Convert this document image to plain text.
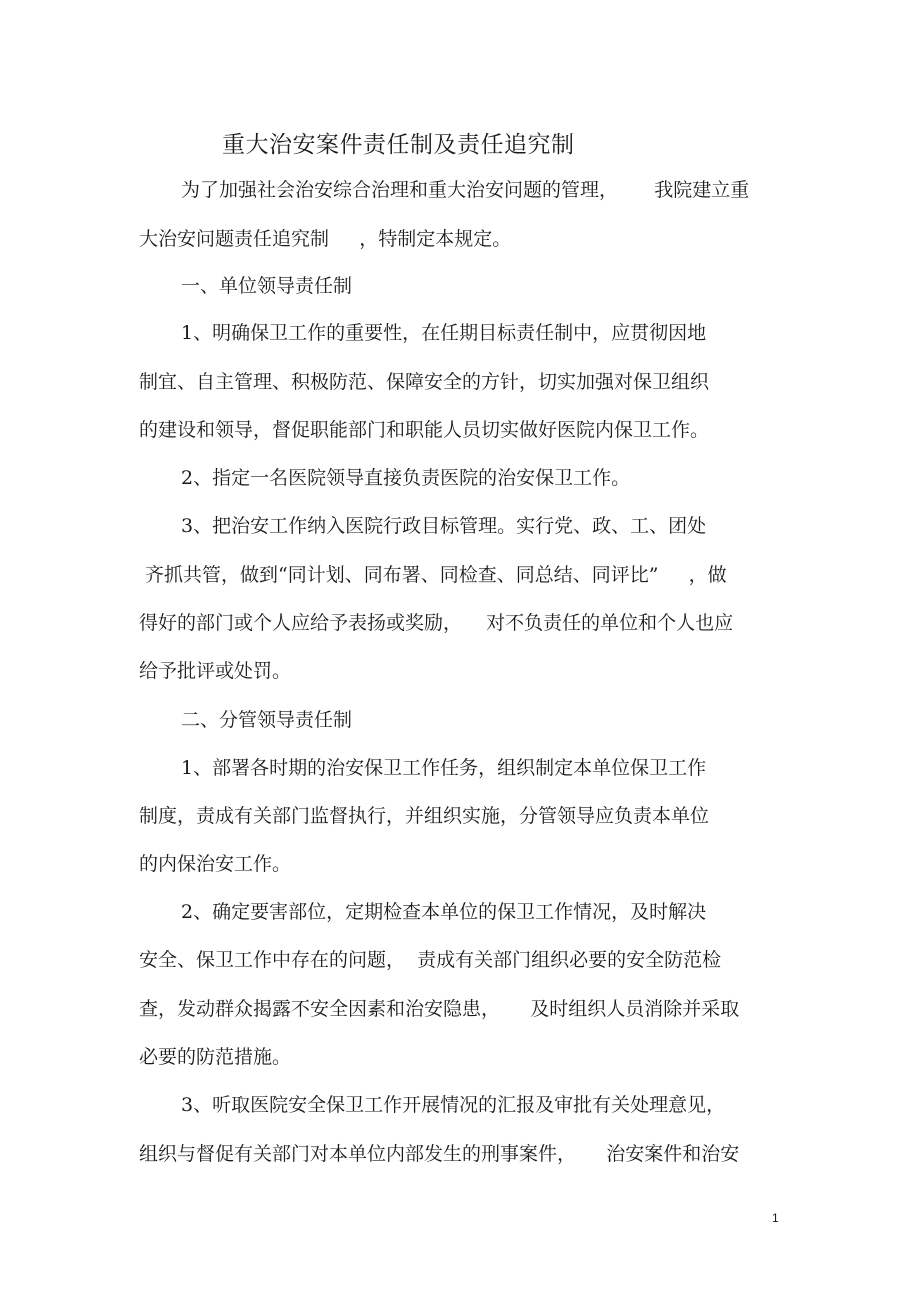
重大治安案件责任制及责任追究制
为了加强社会治安综合治理和重大治安问题的管理，      我院建立重
大治安问题责任追究制     ，特制定本规定。
一、单位领导责任制
1、明确保卫工作的重要性，在任期目标责任制中，应贯彻因地
制宜、自主管理、积极防范、保障安全的方针，切实加强对保卫组织
的建设和领导，督促职能部门和职能人员切实做好医院内保卫工作。
2、指定一名医院领导直接负责医院的治安保卫工作。
3、把治安工作纳入医院行政目标管理。实行党、政、工、团处
齐抓共管，做到“同计划、同布署、同检查、同总结、同评比”     ，做
得好的部门或个人应给予表扬或奖励，    对不负责任的单位和个人也应
给予批评或处罚。
二、分管领导责任制
1、部署各时期的治安保卫工作任务，组织制定本单位保卫工作
制度，责成有关部门监督执行，并组织实施，分管领导应负责本单位
的内保治安工作。
2、确定要害部位，定期检查本单位的保卫工作情况，及时解决
安全、保卫工作中存在的问题，  责成有关部门组织必要的安全防范检
查，发动群众揭露不安全因素和治安隐患，     及时组织人员消除并采取
必要的防范措施。
3、听取医院安全保卫工作开展情况的汇报及审批有关处理意见，
组织与督促有关部门对本单位内部发生的刑事案件，     治安案件和治安
1
